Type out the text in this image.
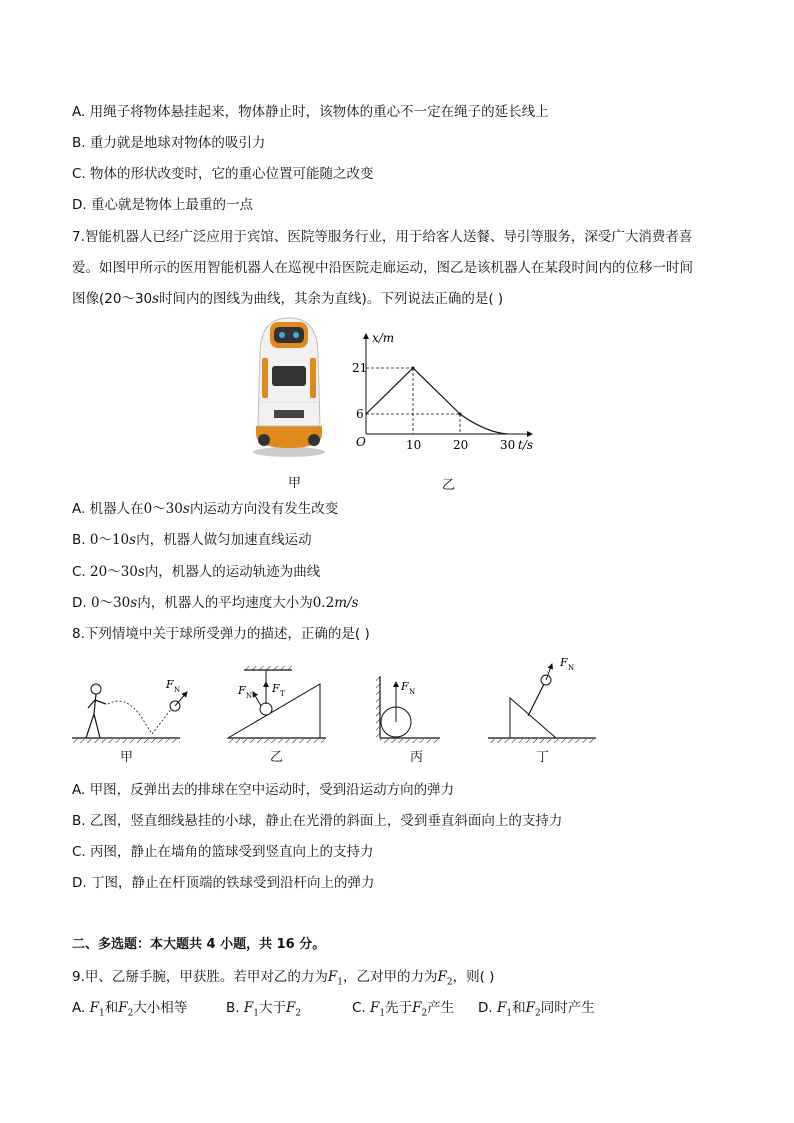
A. 用绳子将物体悬挂起来，物体静止时，该物体的重心不一定在绳子的延长线上
B. 重力就是地球对物体的吸引力
C. 物体的形状改变时，它的重心位置可能随之改变
D. 重心就是物体上最重的一点
7.智能机器人已经广泛应用于宾馆、医院等服务行业，用于给客人送餐、导引等服务，深受广大消费者喜
爱。如图甲所示的医用智能机器人在巡视中沿医院走廊运动，图乙是该机器人在某段时间内的位移一时间
图像(20～30s时间内的图线为曲线，其余为直线)。下列说法正确的是( )
x/m
21
6
O	10	20	30 t/s
甲	乙
A. 机器人在0～30s内运动方向没有发生改变
B. 0～10s内，机器人做匀加速直线运动
C. 20～30s内，机器人的运动轨迹为曲线
D. 0～30s内，机器人的平均速度大小为0.2m/s
8.下列情境中关于球所受弹力的描述，正确的是( )
F N	F T
F N
F N
F N
甲	乙	丙	丁
A. 甲图，反弹出去的排球在空中运动时，受到沿运动方向的弹力
B. 乙图，竖直细线悬挂的小球，静止在光滑的斜面上，受到垂直斜面向上的支持力
C. 丙图，静止在墙角的篮球受到竖直向上的支持力
D. 丁图，静止在杆顶端的铁球受到沿杆向上的弹力
二、多选题：本大题共 4 小题，共 16 分。
9.甲、乙掰手腕，甲获胜。若甲对乙的力为$F_1$，乙对甲的力为$F_2$，则( )
A. $F_1$和$F_2$大小相等	B. $F_1$大于$F_2$	C. $F_1$先于$F_2$产生 D. $F_1$和$F_2$同时产生
